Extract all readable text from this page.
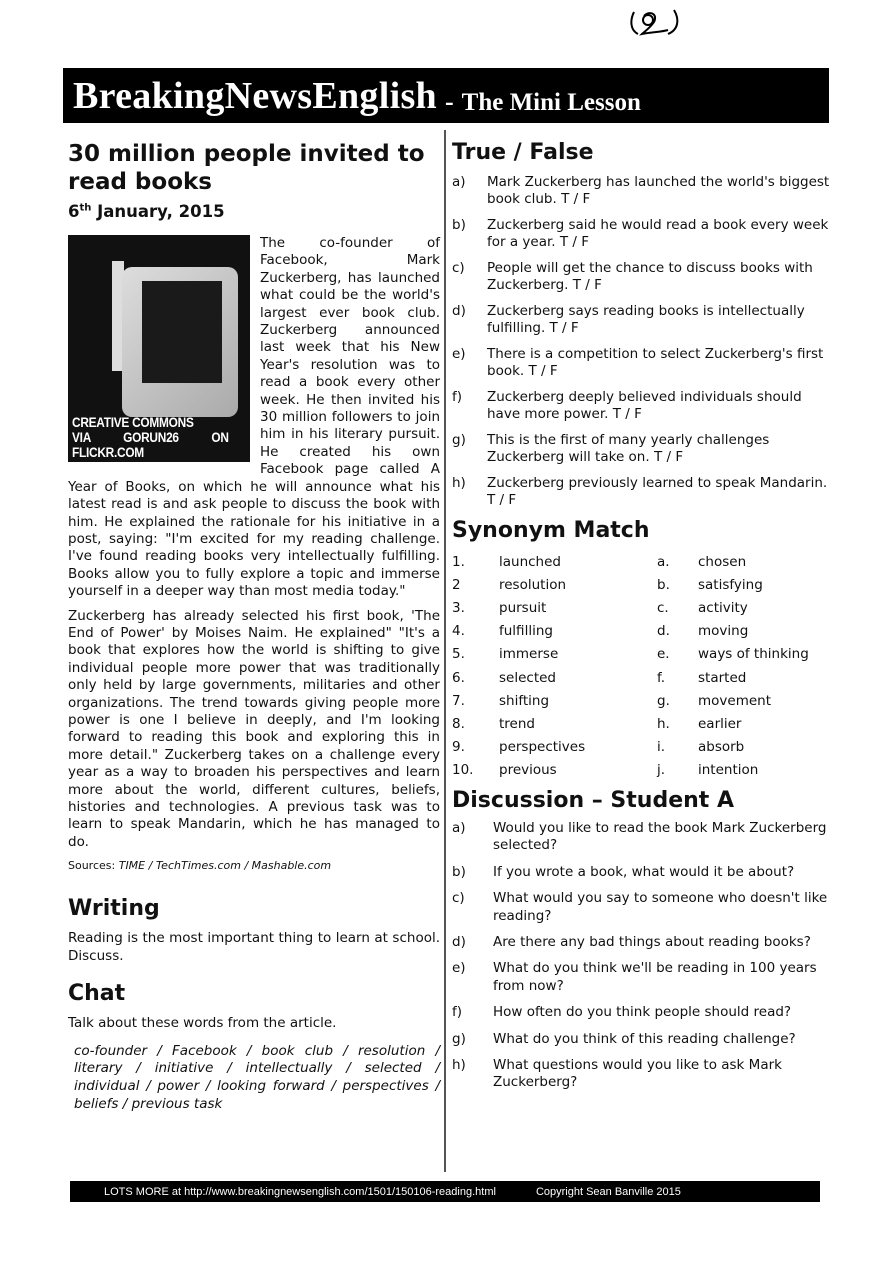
BreakingNewsEnglish - The Mini Lesson
30 million people invited to read books
6th January, 2015
CREATIVE COMMONS
VIA GORUN26 ON FLICKR.COM

The co-founder of Facebook, Mark Zuckerberg, has launched what could be the world's largest ever book club. Zuckerberg announced last week that his New Year's resolution was to read a book every other week. He then invited his 30 million followers to join him in his literary pursuit. He created his own Facebook page called A Year of Books, on which he will announce what his latest read is and ask people to discuss the book with him. He explained the rationale for his initiative in a post, saying: "I'm excited for my reading challenge. I've found reading books very intellectually fulfilling. Books allow you to fully explore a topic and immerse yourself in a deeper way than most media today."

Zuckerberg has already selected his first book, 'The End of Power' by Moises Naim. He explained" "It's a book that explores how the world is shifting to give individual people more power that was traditionally only held by large governments, militaries and other organizations. The trend towards giving people more power is one I believe in deeply, and I'm looking forward to reading this book and exploring this in more detail." Zuckerberg takes on a challenge every year as a way to broaden his perspectives and learn more about the world, different cultures, beliefs, histories and technologies. A previous task was to learn to speak Mandarin, which he has managed to do.

Sources: TIME / TechTimes.com / Mashable.com
Writing

Reading is the most important thing to learn at school. Discuss.

Chat

Talk about these words from the article.

co-founder / Facebook / book club / resolution / literary / initiative / intellectually / selected / individual / power / looking forward / perspectives / beliefs / previous task

True / False
a)	Mark Zuckerberg has launched the world's biggest book club. T / F
b)	Zuckerberg said he would read a book every week for a year. T / F
c)	People will get the chance to discuss books with Zuckerberg. T / F
d)	Zuckerberg says reading books is intellectually fulfilling. T / F
e)	There is a competition to select Zuckerberg's first book. T / F
f)	Zuckerberg deeply believed individuals should have more power. T / F
g)	This is the first of many yearly challenges Zuckerberg will take on. T / F
h)	Zuckerberg previously learned to speak Mandarin. T / F
Synonym Match
1.	launched	a.	chosen
2	resolution	b.	satisfying
3.	pursuit	c.	activity
4.	fulfilling	d.	moving
5.	immerse	e.	ways of thinking
6.	selected	f.	started
7.	shifting	g.	movement
8.	trend	h.	earlier
9.	perspectives	i.	absorb
10.	previous	j.	intention
Discussion – Student A
a)	Would you like to read the book Mark Zuckerberg selected?
b)	If you wrote a book, what would it be about?
c)	What would you say to someone who doesn't like reading?
d)	Are there any bad things about reading books?
e)	What do you think we'll be reading in 100 years from now?
f)	How often do you think people should read?
g)	What do you think of this reading challenge?
h)	What questions would you like to ask Mark Zuckerberg?
LOTS MORE at http://www.breakingnewsenglish.com/1501/150106-reading.html	Copyright Sean Banville 2015
